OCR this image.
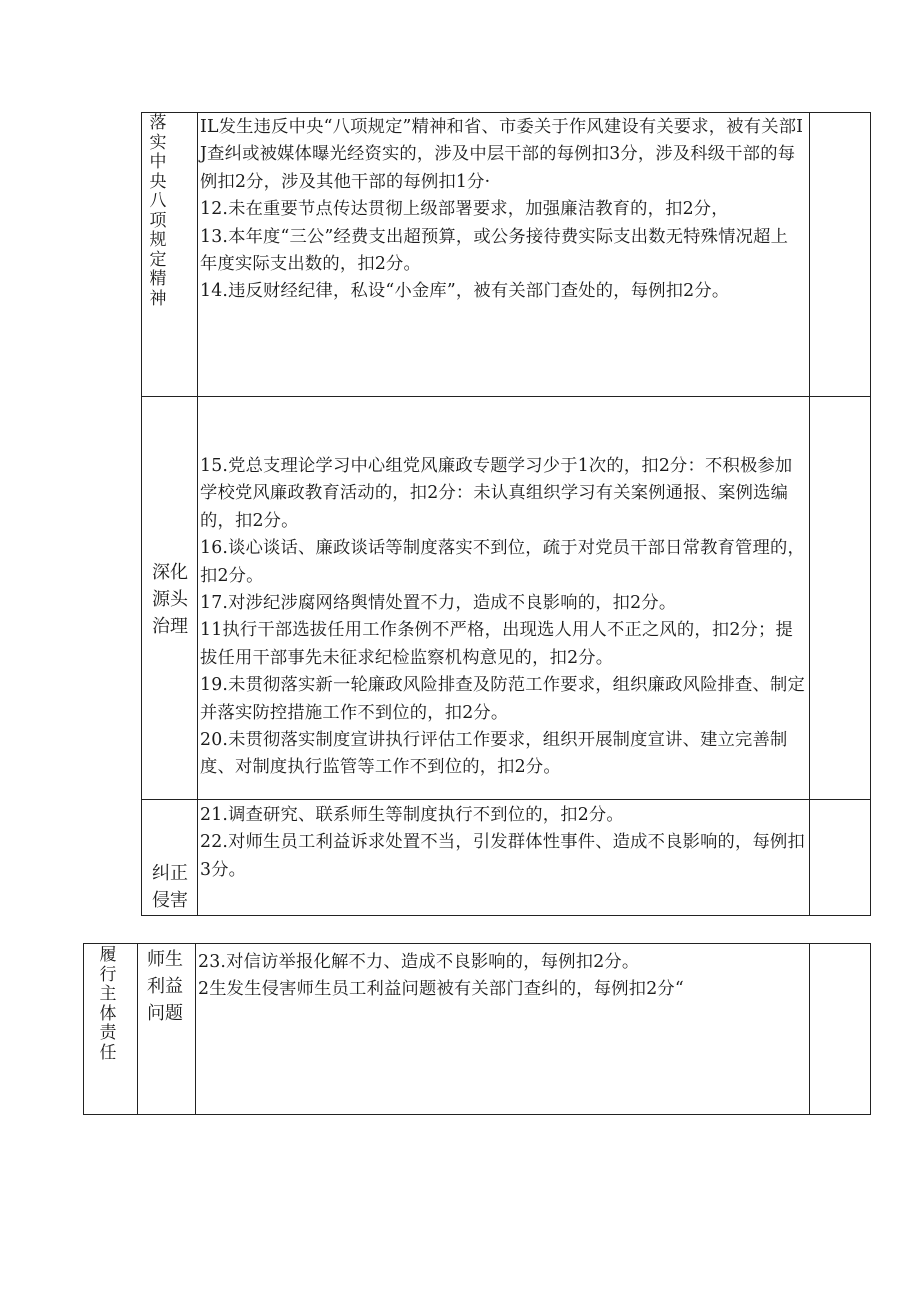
落实中央八项规定精神

IL发生违反中央“八项规定”精神和省、市委关于作风建设有关要求，被有关部IJ查纠或被媒体曝光经资实的，涉及中层干部的每例扣3分，涉及科级干部的每例扣2分，涉及其他干部的每例扣1分·

12.未在重要节点传达贯彻上级部署要求，加强廉洁教育的，扣2分，

13.本年度“三公”经费支出超预算，或公务接待费实际支出数无特殊情况超上年度实际支出数的，扣2分。

14.违反财经纪律，私设“小金库”，被有关部门查处的，每例扣2分。

深化源头治理

15.党总支理论学习中心组党风廉政专题学习少于1次的，扣2分：不积极参加学校党风廉政教育活动的，扣2分：未认真组织学习有关案例通报、案例选编的，扣2分。

16.谈心谈话、廉政谈话等制度落实不到位，疏于对党员干部日常教育管理的，扣2分。

17.对涉纪涉腐网络舆情处置不力，造成不良影响的，扣2分。

11执行干部选拔任用工作条例不严格，出现选人用人不正之风的，扣2分；提拔任用干部事先未征求纪检监察机构意见的，扣2分。

19.未贯彻落实新一轮廉政风险排查及防范工作要求，组织廉政风险排查、制定并落实防控措施工作不到位的，扣2分。

20.未贯彻落实制度宣讲执行评估工作要求，组织开展制度宣讲、建立完善制度、对制度执行监管等工作不到位的，扣2分。

纠正侵害

21.调查研究、联系师生等制度执行不到位的，扣2分。

22.对师生员工利益诉求处置不当，引发群体性事件、造成不良影响的，每例扣3分。

履行主体责任
师生利益问题

23.对信访举报化解不力、造成不良影响的，每例扣2分。

2生发生侵害师生员工利益问题被有关部门查纠的，每例扣2分“
